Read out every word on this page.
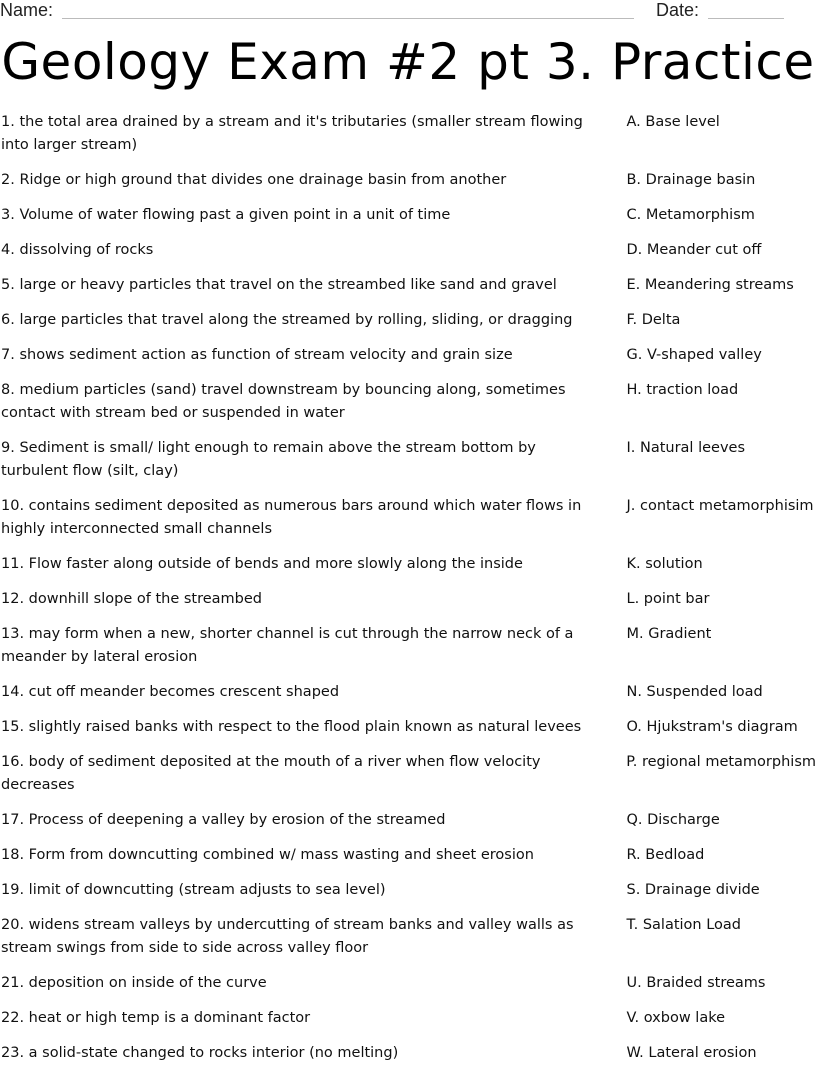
Name:	Date:
Geology Exam #2 pt 3. Practice
1. the total area drained by a stream and it's tributaries (smaller stream flowing into larger stream)
A. Base level
2. Ridge or high ground that divides one drainage basin from another	B. Drainage basin
3. Volume of water flowing past a given point in a unit of time	C. Metamorphism
4. dissolving of rocks	D. Meander cut off
5. large or heavy particles that travel on the streambed like sand and gravel	E. Meandering streams
6. large particles that travel along the streamed by rolling, sliding, or dragging	F. Delta
7. shows sediment action as function of stream velocity and grain size	G. V-shaped valley
8. medium particles (sand) travel downstream by bouncing along, sometimes contact with stream bed or suspended in water
H. traction load
9. Sediment is small/ light enough to remain above the stream bottom by turbulent flow (silt, clay)
I. Natural leeves
10. contains sediment deposited as numerous bars around which water flows in highly interconnected small channels
J. contact metamorphisim
11. Flow faster along outside of bends and more slowly along the inside	K. solution
12. downhill slope of the streambed	L. point bar
13. may form when a new, shorter channel is cut through the narrow neck of a meander by lateral erosion
M. Gradient
14. cut off meander becomes crescent shaped	N. Suspended load
15. slightly raised banks with respect to the flood plain known as natural levees	O. Hjukstram's diagram
16. body of sediment deposited at the mouth of a river when flow velocity decreases
P. regional metamorphism
17. Process of deepening a valley by erosion of the streamed	Q. Discharge
18. Form from downcutting combined w/ mass wasting and sheet erosion	R. Bedload
19. limit of downcutting (stream adjusts to sea level)	S. Drainage divide
20. widens stream valleys by undercutting of stream banks and valley walls as stream swings from side to side across valley floor
T. Salation Load
21. deposition on inside of the curve	U. Braided streams
22. heat or high temp is a dominant factor	V. oxbow lake
23. a solid-state changed to rocks interior (no melting)	W. Lateral erosion
